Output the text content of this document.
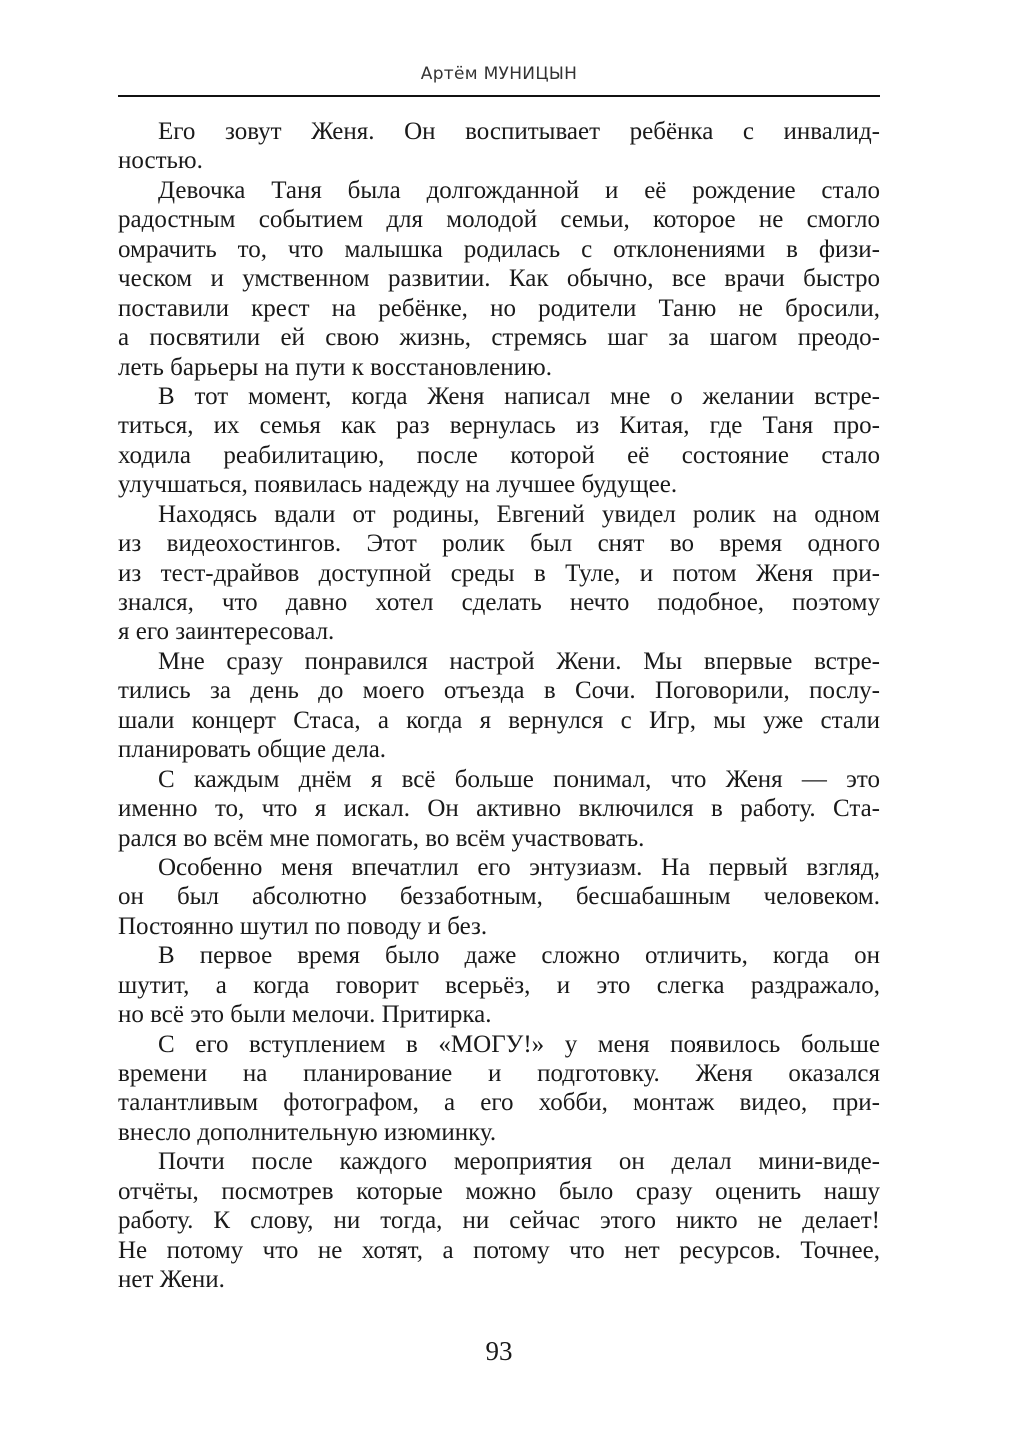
Артём МУНИЦЫН
Его зовут Женя. Он воспитывает ребёнка с инвалид-
ностью.
Девочка Таня была долгожданной и её рождение стало
радостным событием для молодой семьи, которое не смогло
омрачить то, что малышка родилась с отклонениями в физи-
ческом и умственном развитии. Как обычно, все врачи быстро
поставили крест на ребёнке, но родители Таню не бросили,
а посвятили ей свою жизнь, стремясь шаг за шагом преодо-
леть барьеры на пути к восстановлению.
В тот момент, когда Женя написал мне о желании встре-
титься, их семья как раз вернулась из Китая, где Таня про-
ходила реабилитацию, после которой её состояние стало
улучшаться, появилась надежду на лучшее будущее.
Находясь вдали от родины, Евгений увидел ролик на одном
из видеохостингов. Этот ролик был снят во время одного
из тест-драйвов доступной среды в Туле, и потом Женя при-
знался, что давно хотел сделать нечто подобное, поэтому
я его заинтересовал.
Мне сразу понравился настрой Жени. Мы впервые встре-
тились за день до моего отъезда в Сочи. Поговорили, послу-
шали концерт Стаса, а когда я вернулся с Игр, мы уже стали
планировать общие дела.
С каждым днём я всё больше понимал, что Женя — это
именно то, что я искал. Он активно включился в работу. Ста-
рался во всём мне помогать, во всём участвовать.
Особенно меня впечатлил его энтузиазм. На первый взгляд,
он был абсолютно беззаботным, бесшабашным человеком.
Постоянно шутил по поводу и без.
В первое время было даже сложно отличить, когда он
шутит, а когда говорит всерьёз, и это слегка раздражало,
но всё это были мелочи. Притирка.
С его вступлением в «МОГУ!» у меня появилось больше
времени на планирование и подготовку. Женя оказался
талантливым фотографом, а его хобби, монтаж видео, при-
внесло дополнительную изюминку.
Почти после каждого мероприятия он делал мини-виде-
отчёты, посмотрев которые можно было сразу оценить нашу
работу. К слову, ни тогда, ни сейчас этого никто не делает!
Не потому что не хотят, а потому что нет ресурсов. Точнее,
нет Жени.
93
